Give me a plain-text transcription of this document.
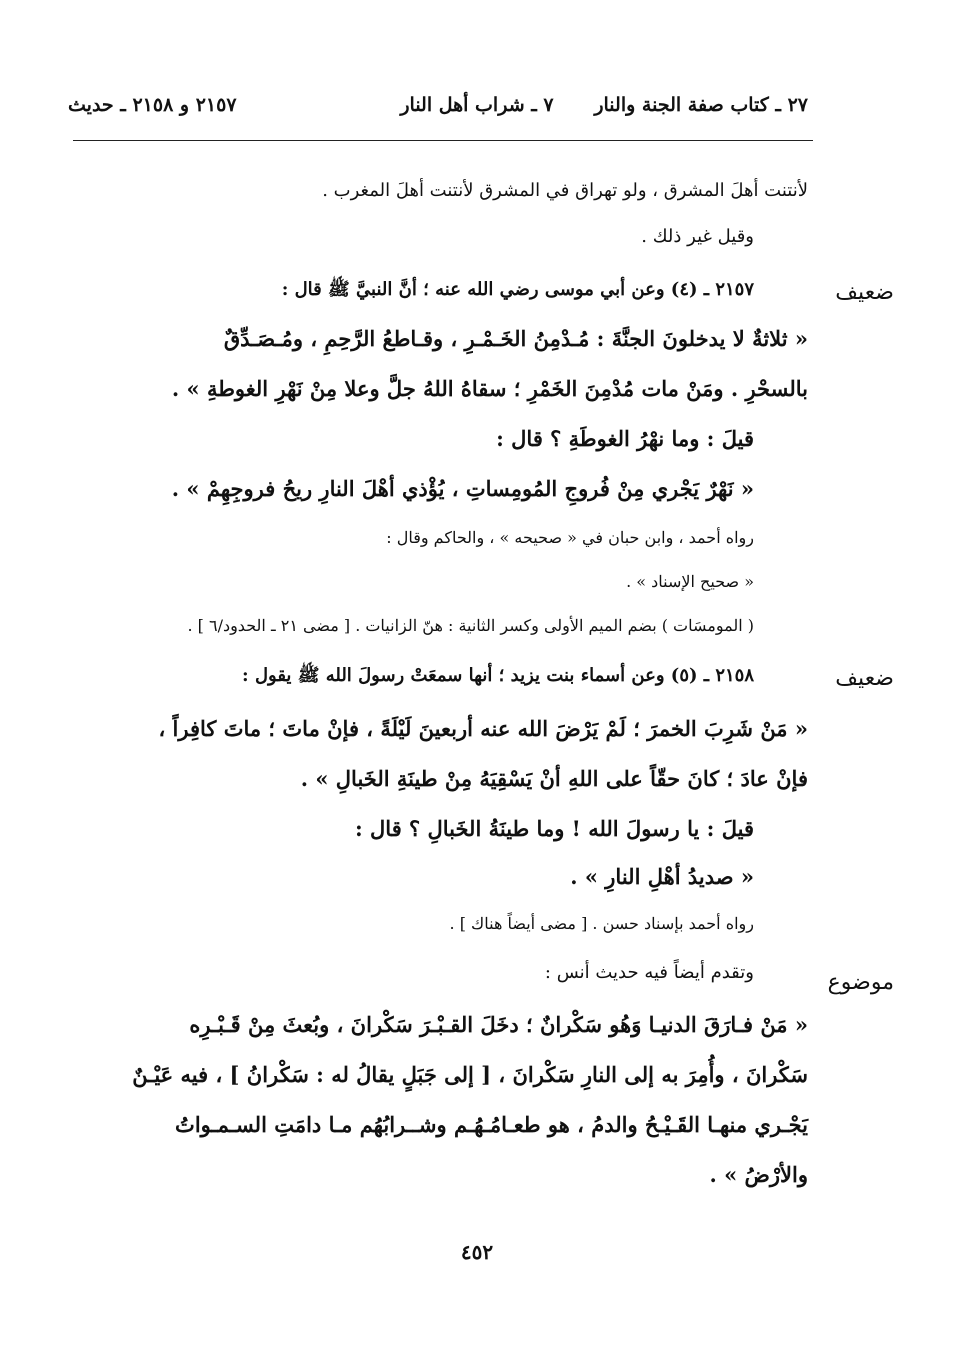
٢٧ ـ كتاب صفة الجنة والنار
٧ ـ شراب أهل النار
٢١٥٧ و ٢١٥٨ ـ حديث
لأنتنت أهلَ المشرق ، ولو تهراق في المشرق لأنتنت أهلَ المغرب .
وقيل غير ذلك .
ضعيف
٢١٥٧ ـ (٤) وعن أبي موسى رضي الله عنه ؛ أنَّ النبيَّ ﷺ قال :
« ثلاثةٌ لا يدخلونَ الجنَّةَ : مُـدْمِنُ الخَـمْـرِ ، وقـاطعُ الرَّحِمِ ، ومُـصَـدِّقٌ
بالسحْرِ . ومَنْ مات مُدْمِنَ الخَمْرِ ؛ سقاهُ اللهُ جلَّ وعلا مِنْ نَهْرِ الغوطةِ » .
قيلَ : وما نهْرُ الغوطَةِ ؟ قال :
« نَهْرٌ يَجْري مِنْ فُروجِ المُومِساتِ ، يُؤْذي أهْلَ النارِ ريحُ فروجِهِمْ » .
رواه أحمد ، وابن حبان في « صحيحه » ، والحاكم وقال :
« صحيح الإسناد » .
( المومسَات ) بضم الميم الأولى وكسر الثانية : هنّ الزانيات . [ مضى ٢١ ـ الحدود/٦ ] .
ضعيف
٢١٥٨ ـ (٥) وعن أسماء بنت يزيد ؛ أنها سمعَتْ رسولَ الله ﷺ يقول :
« مَنْ شَرِبَ الخمرَ ؛ لَمْ يَرْضَ الله عنه أربعينَ لَيْلَةً ، فإنْ ماتَ ؛ ماتَ كافِراً ،
فإنْ عادَ ؛ كانَ حقّاً على اللهِ أنْ يَسْقِيَهُ مِنْ طينَةِ الخَبالِ » .
قيلَ : يا رسولَ الله ! وما طينَةُ الخَبالِ ؟ قال :
« صديدُ أهْلِ النارِ » .
رواه أحمد بإسناد حسن . [ مضى أيضاً هناك ] .
موضوع
وتقدم أيضاً فيه حديث أنس :
« مَنْ فـارَقَ الدنيـا وَهُو سَكْرانٌ ؛ دخَلَ القـبْـرَ سَكْرانَ ، وبُعثَ مِنْ قَـبْـرِه
سَكْرانَ ، وأُمِرَ به إلى النارِ سَكْرانَ ، [ إلى جَبَلٍ يقالُ له : سَكْرانُ ] ، فيه عَيْـنٌ
يَجْـري منهـا القَـيْـحُ والدمُ ، هو طعـامُـهُـم وشــرابُهُم مـا دامَتِ السـمـواتُ
والأرْضُ » .
٤٥٢
